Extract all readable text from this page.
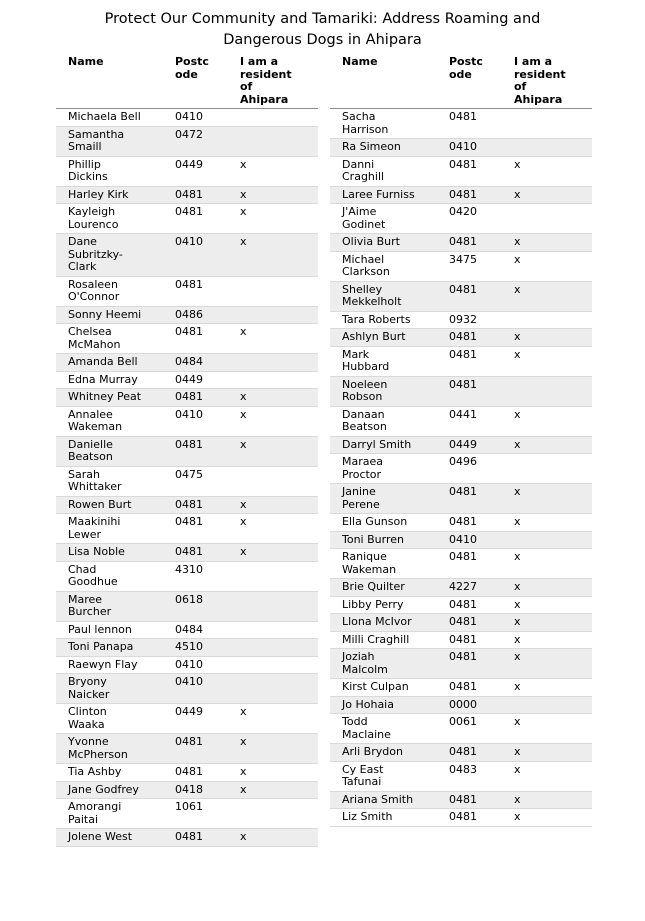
Protect Our Community and Tamariki: Address Roaming and Dangerous Dogs in Ahipara
Name	Postcode	I am a resident of Ahipara
Michaela Bell	0410	
Samantha Smaill	0472	
Phillip Dickins	0449	x
Harley Kirk	0481	x
Kayleigh Lourenco	0481	x
Dane Subritzky-Clark	0410	x
Rosaleen O'Connor	0481	
Sonny Heemi	0486	
Chelsea McMahon	0481	x
Amanda Bell	0484	
Edna Murray	0449	
Whitney Peat	0481	x
Annalee Wakeman	0410	x
Danielle Beatson	0481	x
Sarah Whittaker	0475	
Rowen Burt	0481	x
Maakinihi Lewer	0481	x
Lisa Noble	0481	x
Chad Goodhue	4310	
Maree Burcher	0618	
Paul lennon	0484	
Toni Panapa	4510	
Raewyn Flay	0410	
Bryony Naicker	0410	
Clinton Waaka	0449	x
Yvonne McPherson	0481	x
Tia Ashby	0481	x
Jane Godfrey	0418	x
Amorangi Paitai	1061	
Jolene West	0481	x
Name	Postcode	I am a resident of Ahipara
Sacha Harrison	0481	
Ra Simeon	0410	
Danni Craghill	0481	x
Laree Furniss	0481	x
J'Aime Godinet	0420	
Olivia Burt	0481	x
Michael Clarkson	3475	x
Shelley Mekkelholt	0481	x
Tara Roberts	0932	
Ashlyn Burt	0481	x
Mark Hubbard	0481	x
Noeleen Robson	0481	
Danaan Beatson	0441	x
Darryl Smith	0449	x
Maraea Proctor	0496	
Janine Perene	0481	x
Ella Gunson	0481	x
Toni Burren	0410	
Ranique Wakeman	0481	x
Brie Quilter	4227	x
Libby Perry	0481	x
Llona McIvor	0481	x
Milli Craghill	0481	x
Joziah Malcolm	0481	x
Kirst Culpan	0481	x
Jo Hohaia	0000	
Todd Maclaine	0061	x
Arli Brydon	0481	x
Cy East Tafunai	0483	x
Ariana Smith	0481	x
Liz Smith	0481	x
